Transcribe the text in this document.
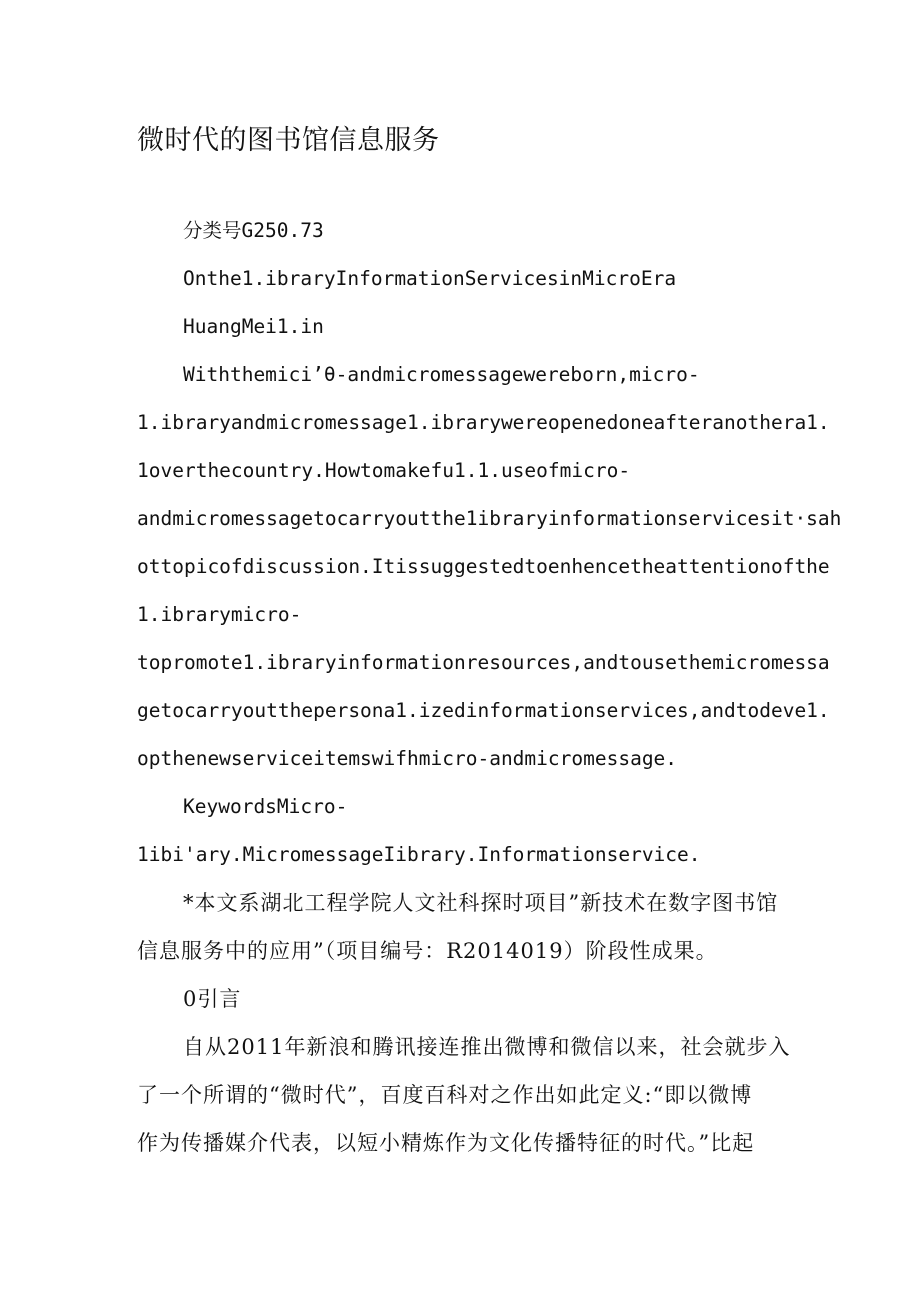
微时代的图书馆信息服务
分类号G250.73
Onthe1.ibraryInformationServicesinMicroEra
HuangMei1.in
Withthemici’θ-andmicromessagewereborn,micro-
1.ibraryandmicromessage1.ibrarywereopenedoneafteranothera1.
1overthecountry.Howtomakefu1.1.useofmicro-
andmicromessagetocarryoutthe1ibraryinformationservicesit·sah
ottopicofdiscussion.Itissuggestedtoenhencetheattentionofthe
1.ibrarymicro-
topromote1.ibraryinformationresources,andtousethemicromessa
getocarryoutthepersona1.izedinformationservices,andtodeve1.
opthenewserviceitemswifhmicro-andmicromessage.
KeywordsMicro-
1ibi'ary.MicromessageIibrary.Informationservice.
*本文系湖北工程学院人文社科探时项目”新技术在数字图书馆
信息服务中的应用”（项目编号：R2014019）阶段性成果。
0引言
自从2011年新浪和腾讯接连推出微博和微信以来，社会就步入
了一个所谓的“微时代”，百度百科对之作出如此定义:“即以微博
作为传播媒介代表，以短小精炼作为文化传播特征的时代。”比起
